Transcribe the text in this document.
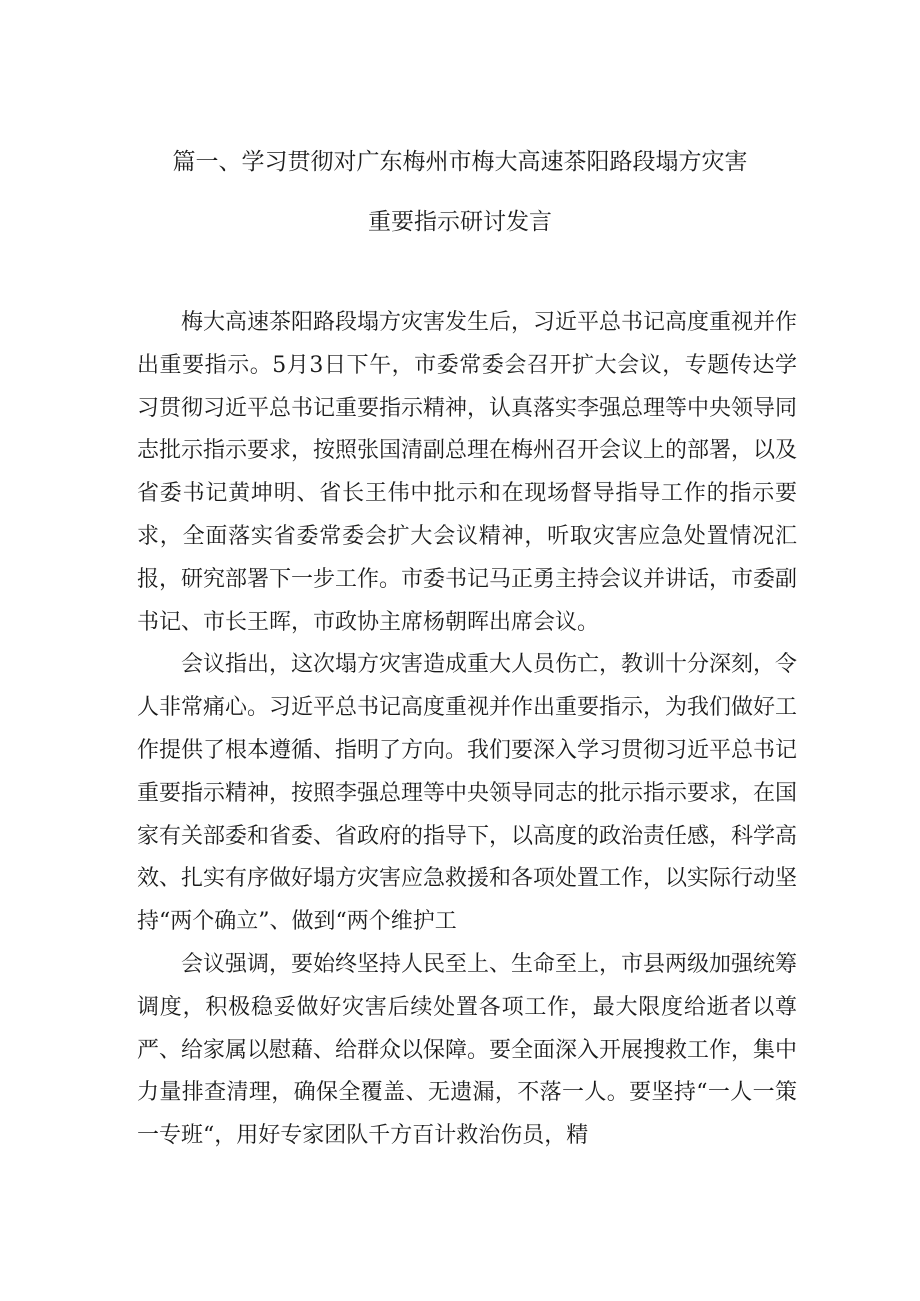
篇一、学习贯彻对广东梅州市梅大高速茶阳路段塌方灾害
重要指示研讨发言

梅大高速茶阳路段塌方灾害发生后，习近平总书记高度重视并作出重要指示。5月3日下午，市委常委会召开扩大会议，专题传达学习贯彻习近平总书记重要指示精神，认真落实李强总理等中央领导同志批示指示要求，按照张国清副总理在梅州召开会议上的部署，以及省委书记黄坤明、省长王伟中批示和在现场督导指导工作的指示要求，全面落实省委常委会扩大会议精神，听取灾害应急处置情况汇报，研究部署下一步工作。市委书记马正勇主持会议并讲话，市委副书记、市长王晖，市政协主席杨朝晖出席会议。

会议指出，这次塌方灾害造成重大人员伤亡，教训十分深刻，令人非常痛心。习近平总书记高度重视并作出重要指示，为我们做好工作提供了根本遵循、指明了方向。我们要深入学习贯彻习近平总书记重要指示精神，按照李强总理等中央领导同志的批示指示要求，在国家有关部委和省委、省政府的指导下，以高度的政治责任感，科学高效、扎实有序做好塌方灾害应急救援和各项处置工作，以实际行动坚持“两个确立”、做到“两个维护工

会议强调，要始终坚持人民至上、生命至上，市县两级加强统筹调度，积极稳妥做好灾害后续处置各项工作，最大限度给逝者以尊严、给家属以慰藉、给群众以保障。要全面深入开展搜救工作，集中力量排查清理，确保全覆盖、无遗漏，不落一人。要坚持“一人一策一专班“，用好专家团队千方百计救治伤员，精
